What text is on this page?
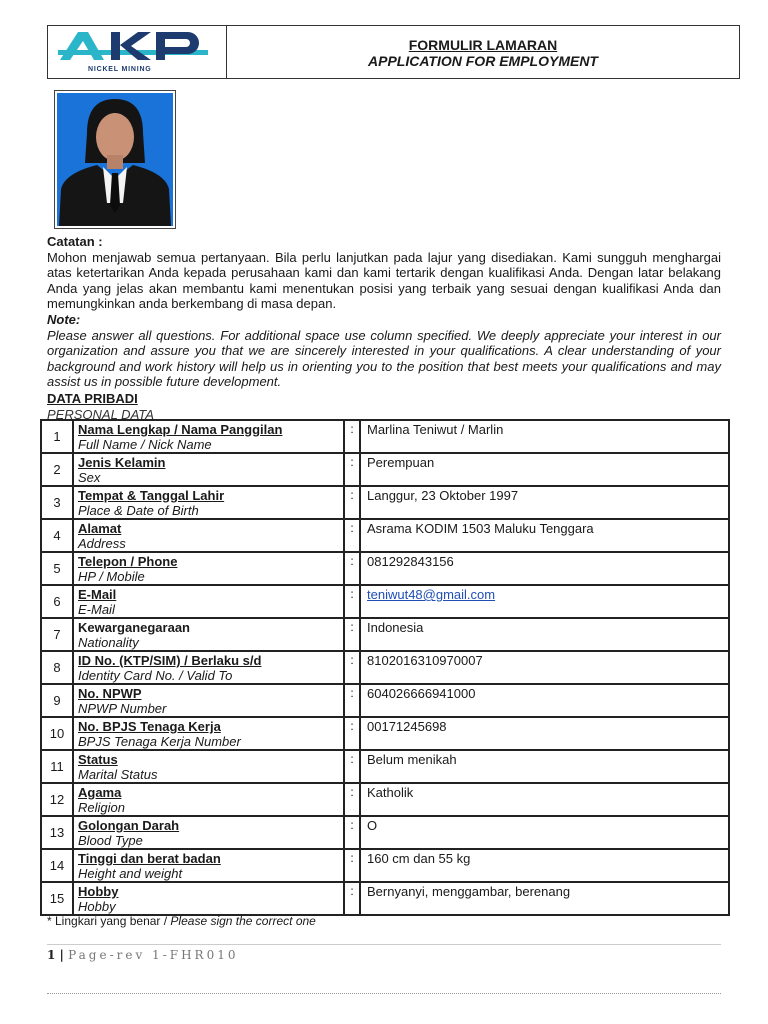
NICKEL MINING
FORMULIR LAMARAN
APPLICATION FOR EMPLOYMENT
Catatan :
Mohon menjawab semua pertanyaan. Bila perlu lanjutkan pada lajur yang disediakan. Kami sungguh menghargai atas ketertarikan Anda kepada perusahaan kami dan kami tertarik dengan kualifikasi Anda. Dengan latar belakang Anda yang jelas akan membantu kami menentukan posisi yang terbaik yang sesuai dengan kualifikasi Anda dan memungkinkan anda berkembang di masa depan.
Note:
Please answer all questions. For additional space use column specified. We deeply appreciate your interest in our organization and assure you that we are sincerely interested in your qualifications. A clear understanding of your background and work history will help us in orienting you to the position that best meets your qualifications and may assist us in possible future development.
DATA PRIBADI
PERSONAL DATA
1	Nama Lengkap / Nama Panggilan
Full Name / Nick Name	:	Marlina Teniwut / Marlin
2	Jenis Kelamin
Sex	:	Perempuan
3	Tempat & Tanggal Lahir
Place & Date of Birth	:	Langgur, 23 Oktober 1997
4	Alamat
Address	:	Asrama KODIM 1503 Maluku Tenggara
5	Telepon / Phone
HP / Mobile	:	081292843156
6	E-Mail
E-Mail	:	teniwut48@gmail.com
7	Kewarganegaraan
Nationality	:	Indonesia
8	ID No. (KTP/SIM) / Berlaku s/d
Identity Card No. / Valid To	:	8102016310970007
9	No. NPWP
NPWP Number	:	604026666941000
10	No. BPJS Tenaga Kerja
BPJS Tenaga Kerja Number	:	00171245698
11	Status
Marital Status	:	Belum menikah
12	Agama
Religion	:	Katholik
13	Golongan Darah
Blood Type	:	O
14	Tinggi dan berat badan
Height and weight	:	160 cm dan 55 kg
15	Hobby
Hobby	:	Bernyanyi, menggambar, berenang
* Lingkari yang benar / Please sign the correct one
1 | Page-rev 1-FHR010
